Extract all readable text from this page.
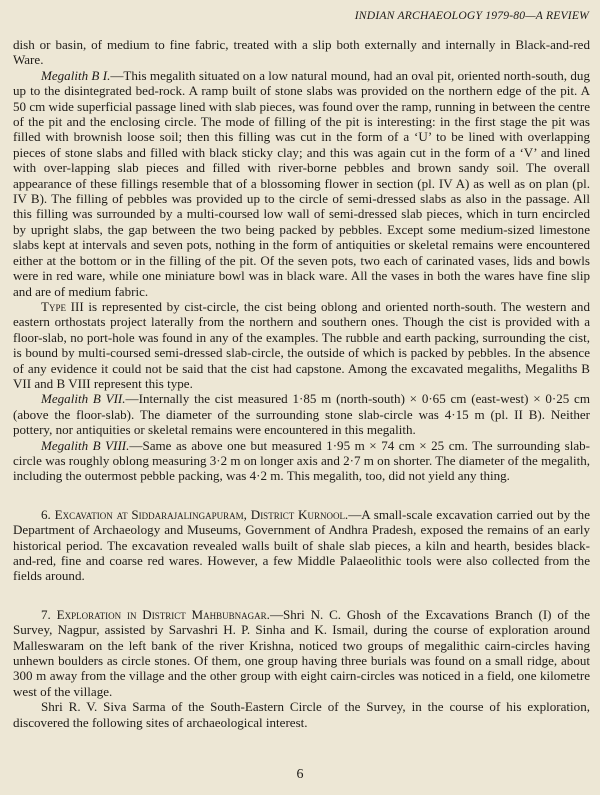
INDIAN ARCHAEOLOGY 1979-80—A REVIEW

dish or basin, of medium to fine fabric, treated with a slip both externally and internally in Black-and-red Ware.

Megalith B I.—This megalith situated on a low natural mound, had an oval pit, oriented north-south, dug up to the disintegrated bed-rock. A ramp built of stone slabs was provided on the northern edge of the pit. A 50 cm wide superficial passage lined with slab pieces, was found over the ramp, running in between the centre of the pit and the enclosing circle. The mode of filling of the pit is interesting: in the first stage the pit was filled with brownish loose soil; then this filling was cut in the form of a ‘U’ to be lined with overlapping pieces of stone slabs and filled with black sticky clay; and this was again cut in the form of a ‘V’ and lined with over-lapping slab pieces and filled with river-borne pebbles and brown sandy soil. The overall appearance of these fillings resemble that of a blossoming flower in section (pl. IV A) as well as on plan (pl. IV B). The filling of pebbles was provided up to the circle of semi-dressed slabs as also in the passage. All this filling was surrounded by a multi-coursed low wall of semi-dressed slab pieces, which in turn encircled by upright slabs, the gap between the two being packed by pebbles. Except some medium-sized limestone slabs kept at intervals and seven pots, nothing in the form of antiquities or skeletal remains were encountered either at the bottom or in the filling of the pit. Of the seven pots, two each of carinated vases, lids and bowls were in red ware, while one miniature bowl was in black ware. All the vases in both the wares have fine slip and are of medium fabric.

Type III is represented by cist-circle, the cist being oblong and oriented north-south. The western and eastern orthostats project laterally from the northern and southern ones. Though the cist is provided with a floor-slab, no port-hole was found in any of the examples. The rubble and earth packing, surrounding the cist, is bound by multi-coursed semi-dressed slab-circle, the outside of which is packed by pebbles. In the absence of any evidence it could not be said that the cist had capstone. Among the excavated megaliths, Megaliths B VII and B VIII represent this type.

Megalith B VII.—Internally the cist measured 1·85 m (north-south) × 0·65 cm (east-west) × 0·25 cm (above the floor-slab). The diameter of the surrounding stone slab-circle was 4·15 m (pl. II B). Neither pottery, nor antiquities or skeletal remains were encountered in this megalith.

Megalith B VIII.—Same as above one but measured 1·95 m × 74 cm × 25 cm. The surrounding slab-circle was roughly oblong measuring 3·2 m on longer axis and 2·7 m on shorter. The diameter of the megalith, including the outermost pebble packing, was 4·2 m. This megalith, too, did not yield any thing.

6. Excavation at Siddarajalingapuram, District Kurnool.—A small-scale excavation carried out by the Department of Archaeology and Museums, Government of Andhra Pradesh, exposed the remains of an early historical period. The excavation revealed walls built of shale slab pieces, a kiln and hearth, besides black-and-red, fine and coarse red wares. However, a few Middle Palaeolithic tools were also collected from the fields around.

7. Exploration in District Mahbubnagar.—Shri N. C. Ghosh of the Excavations Branch (I) of the Survey, Nagpur, assisted by Sarvashri H. P. Sinha and K. Ismail, during the course of exploration around Malleswaram on the left bank of the river Krishna, noticed two groups of megalithic cairn-circles having unhewn boulders as circle stones. Of them, one group having three burials was found on a small ridge, about 300 m away from the village and the other group with eight cairn-circles was noticed in a field, one kilometre west of the village.

Shri R. V. Siva Sarma of the South-Eastern Circle of the Survey, in the course of his exploration, discovered the following sites of archaeological interest.

6
